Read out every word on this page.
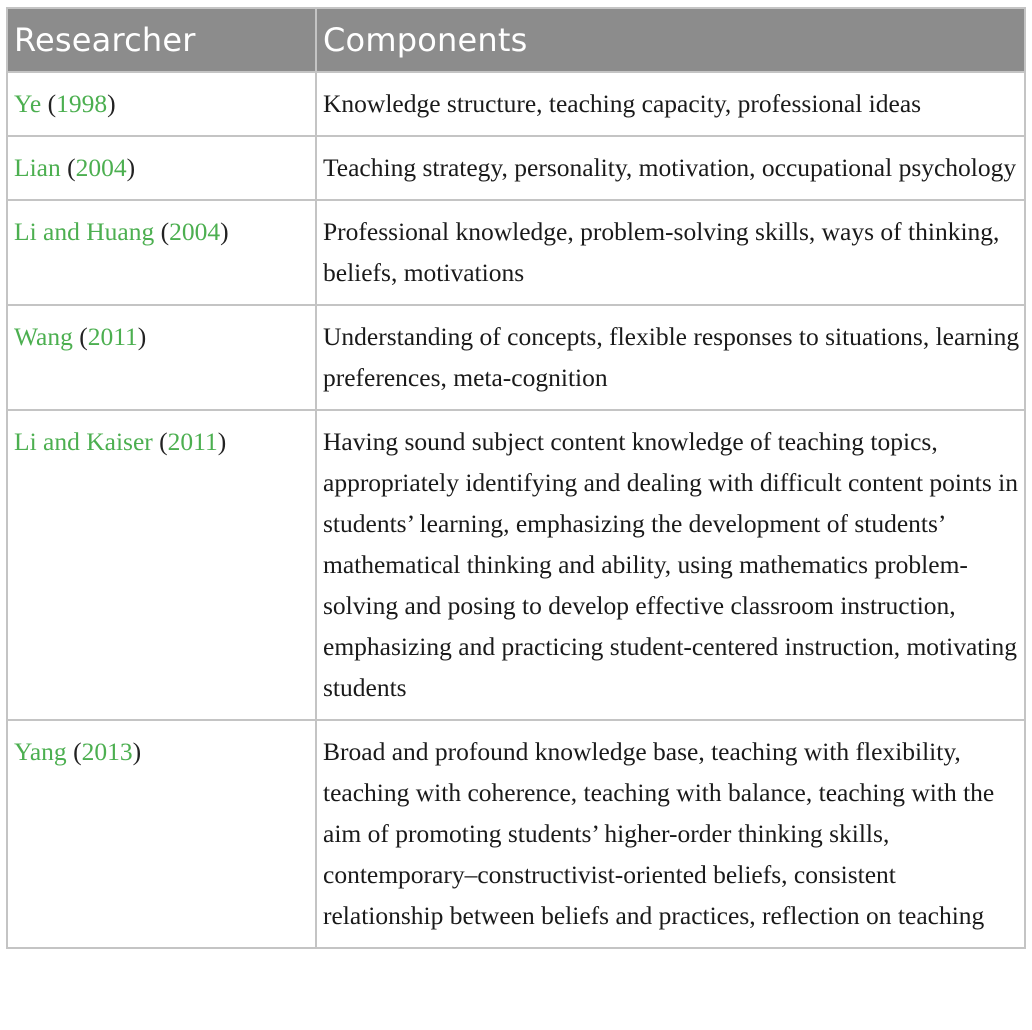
Researcher	Components
Ye (1998)	Knowledge structure, teaching capacity, professional ideas
Lian (2004)	Teaching strategy, personality, motivation, occupational psychology
Li and Huang (2004)	Professional knowledge, problem-solving skills, ways of thinking, beliefs, motivations
Wang (2011)	Understanding of concepts, flexible responses to situations, learning preferences, meta-cognition
Li and Kaiser (2011)	Having sound subject content knowledge of teaching topics, appropriately identifying and dealing with difficult content points in students’ learning, emphasizing the development of students’ mathematical thinking and ability, using mathematics problem-solving and posing to develop effective classroom instruction, emphasizing and practicing student-centered instruction, motivating students
Yang (2013)	Broad and profound knowledge base, teaching with flexibility, teaching with coherence, teaching with balance, teaching with the aim of promoting students’ higher-order thinking skills, contemporary–constructivist-oriented beliefs, consistent relationship between beliefs and practices, reflection on teaching
